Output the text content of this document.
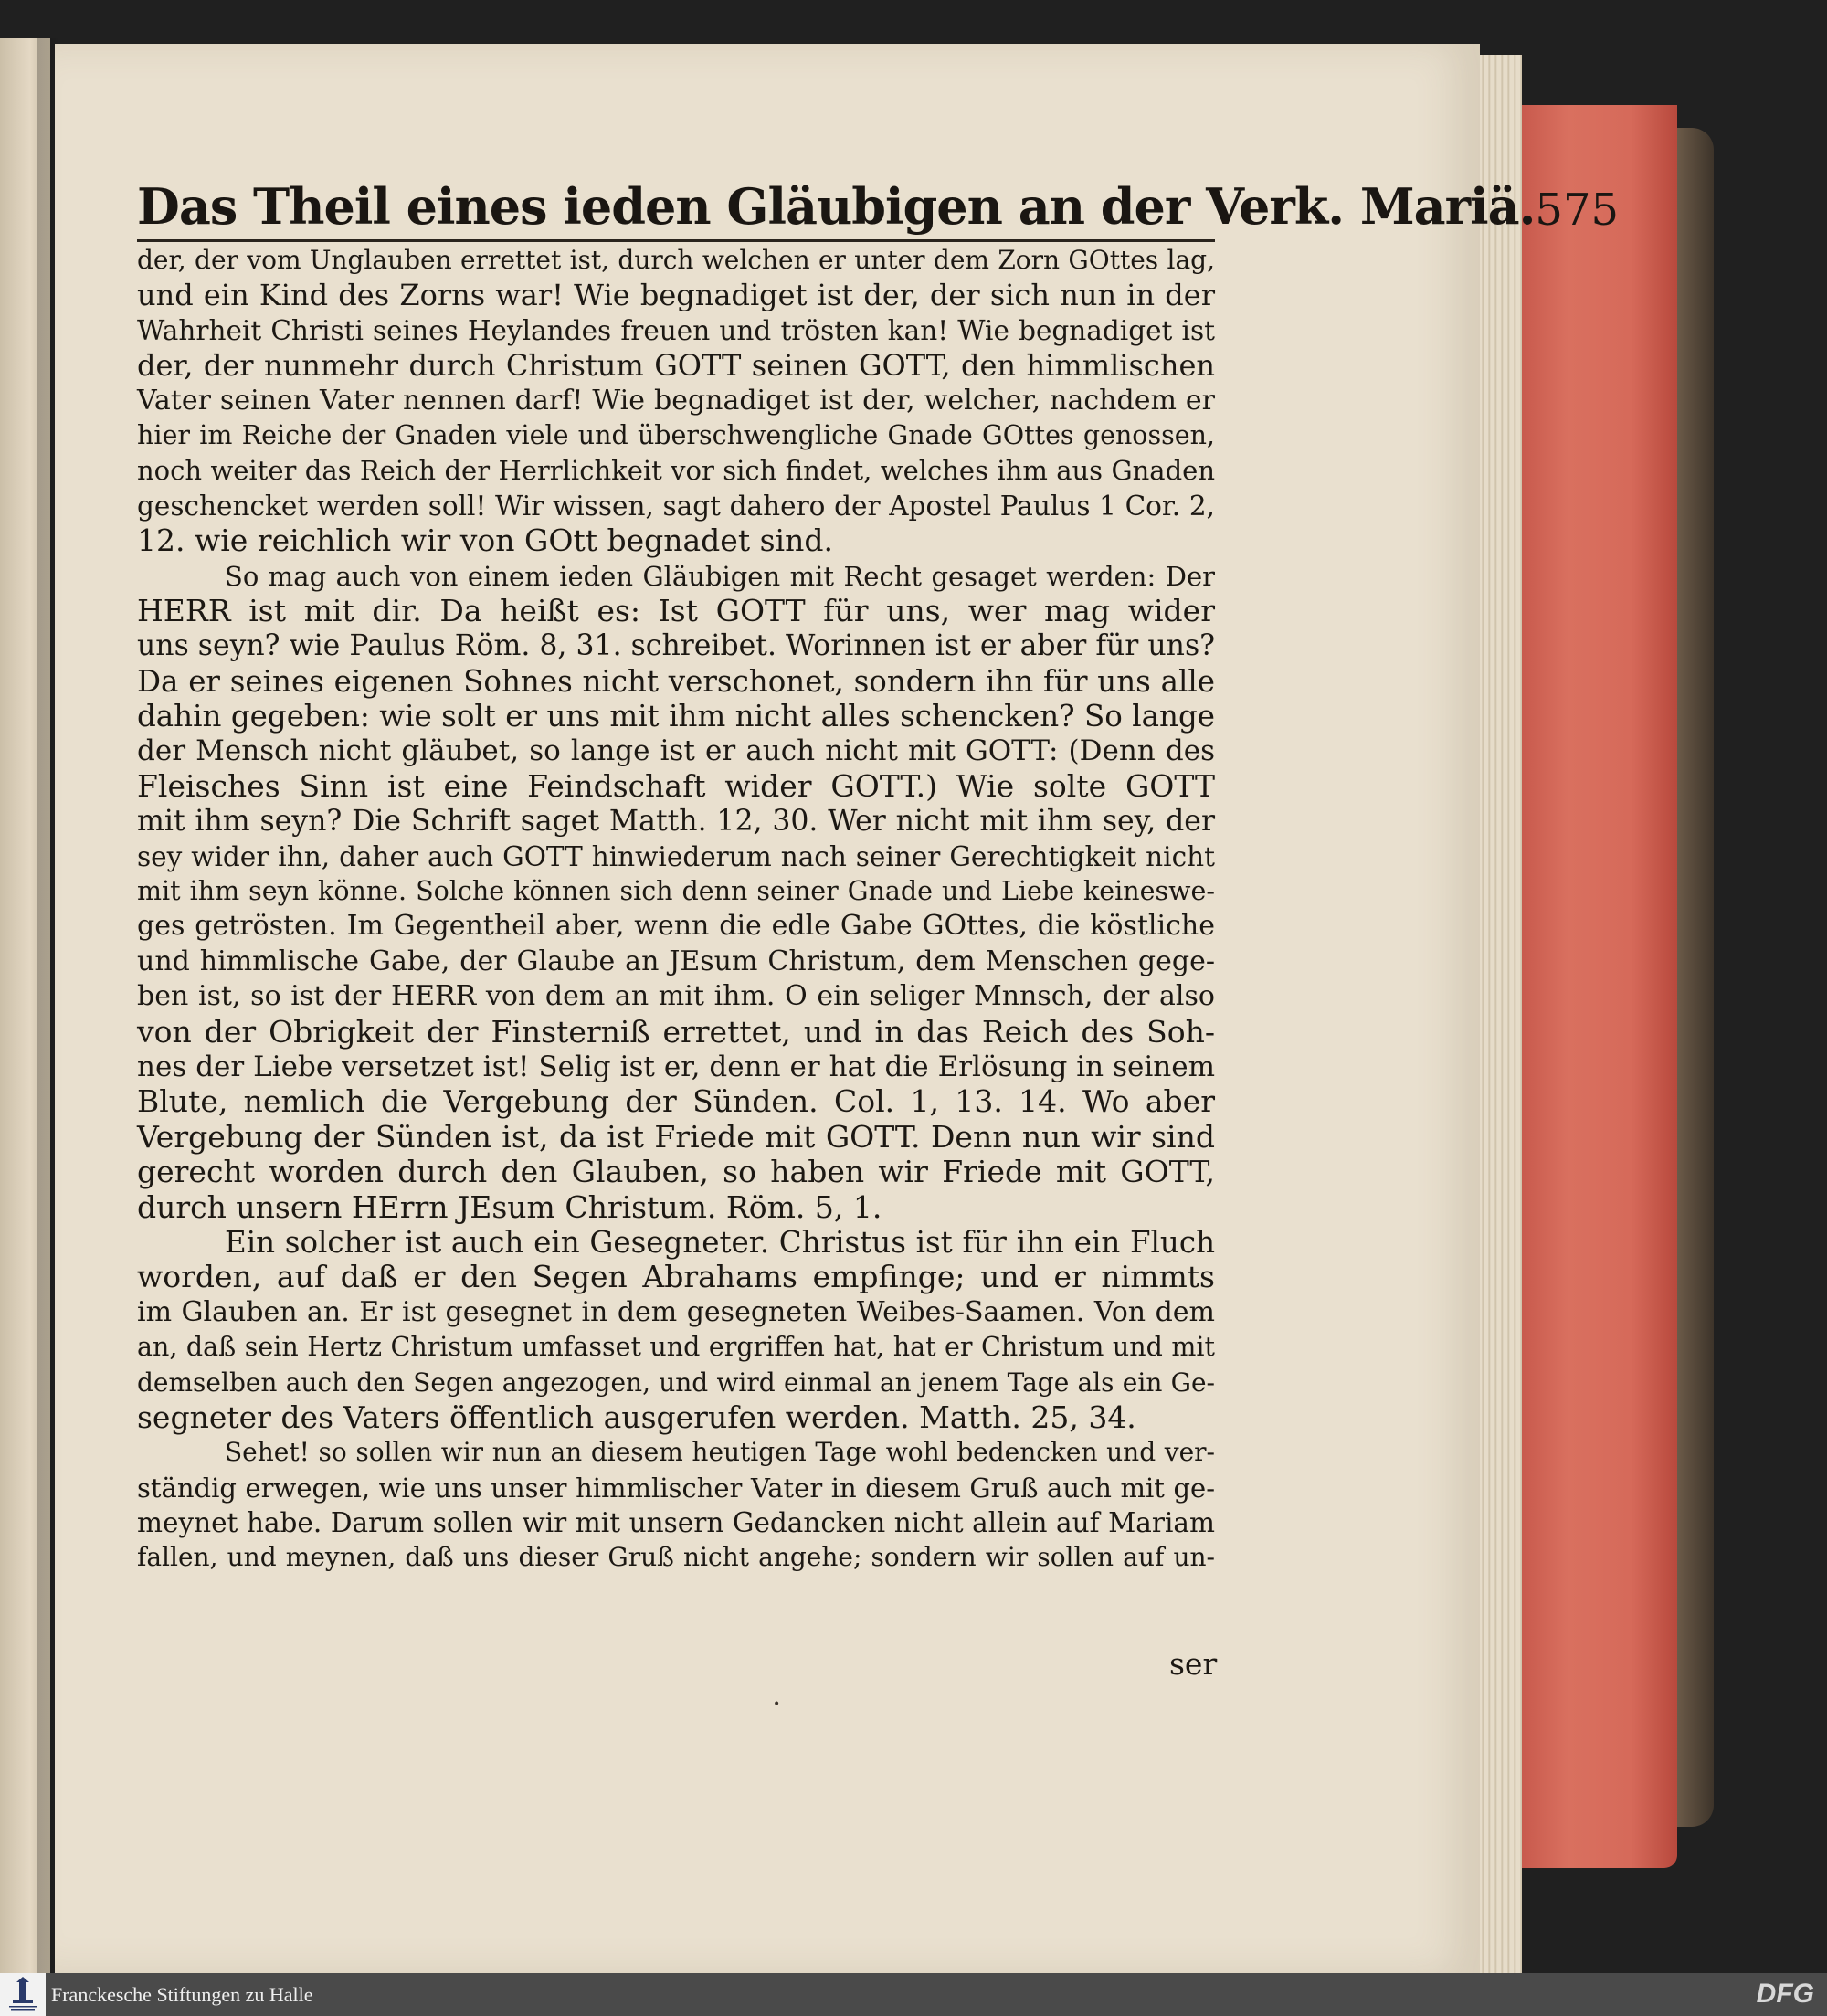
Das Theil eines ieden Gläubigen an der Verk. Mariä. 575
der, der vom Unglauben errettet ist, durch welchen er unter dem Zorn GOttes lag,
und ein Kind des Zorns war! Wie begnadiget ist der, der sich nun in der
Wahrheit Christi seines Heylandes freuen und trösten kan! Wie begnadiget ist
der, der nunmehr durch Christum GOTT seinen GOTT, den himmlischen
Vater seinen Vater nennen darf! Wie begnadiget ist der, welcher, nachdem er
hier im Reiche der Gnaden viele und überschwengliche Gnade GOttes genossen,
noch weiter das Reich der Herrlichkeit vor sich findet, welches ihm aus Gnaden
geschencket werden soll! Wir wissen, sagt dahero der Apostel Paulus 1 Cor. 2,
12. wie reichlich wir von GOtt begnadet sind.
So mag auch von einem ieden Gläubigen mit Recht gesaget werden: Der
HERR ist mit dir. Da heißt es: Ist GOTT für uns, wer mag wider
uns seyn? wie Paulus Röm. 8, 31. schreibet. Worinnen ist er aber für uns?
Da er seines eigenen Sohnes nicht verschonet, sondern ihn für uns alle
dahin gegeben: wie solt er uns mit ihm nicht alles schencken? So lange
der Mensch nicht gläubet, so lange ist er auch nicht mit GOTT: (Denn des
Fleisches Sinn ist eine Feindschaft wider GOTT.) Wie solte GOTT
mit ihm seyn? Die Schrift saget Matth. 12, 30. Wer nicht mit ihm sey, der
sey wider ihn, daher auch GOTT hinwiederum nach seiner Gerechtigkeit nicht
mit ihm seyn könne. Solche können sich denn seiner Gnade und Liebe keineswe-
ges getrösten. Im Gegentheil aber, wenn die edle Gabe GOttes, die köstliche
und himmlische Gabe, der Glaube an JEsum Christum, dem Menschen gege-
ben ist, so ist der HERR von dem an mit ihm. O ein seliger Mnnsch, der also
von der Obrigkeit der Finsterniß errettet, und in das Reich des Soh-
nes der Liebe versetzet ist! Selig ist er, denn er hat die Erlösung in seinem
Blute, nemlich die Vergebung der Sünden. Col. 1, 13. 14. Wo aber
Vergebung der Sünden ist, da ist Friede mit GOTT. Denn nun wir sind
gerecht worden durch den Glauben, so haben wir Friede mit GOTT,
durch unsern HErrn JEsum Christum. Röm. 5, 1.
Ein solcher ist auch ein Gesegneter. Christus ist für ihn ein Fluch
worden, auf daß er den Segen Abrahams empfinge; und er nimmts
im Glauben an. Er ist gesegnet in dem gesegneten Weibes-Saamen. Von dem
an, daß sein Hertz Christum umfasset und ergriffen hat, hat er Christum und mit
demselben auch den Segen angezogen, und wird einmal an jenem Tage als ein Ge-
segneter des Vaters öffentlich ausgerufen werden. Matth. 25, 34.
Sehet! so sollen wir nun an diesem heutigen Tage wohl bedencken und ver-
ständig erwegen, wie uns unser himmlischer Vater in diesem Gruß auch mit ge-
meynet habe. Darum sollen wir mit unsern Gedancken nicht allein auf Mariam
fallen, und meynen, daß uns dieser Gruß nicht angehe; sondern wir sollen auf un-
ser
•
Franckesche Stiftungen zu Halle	DFG
